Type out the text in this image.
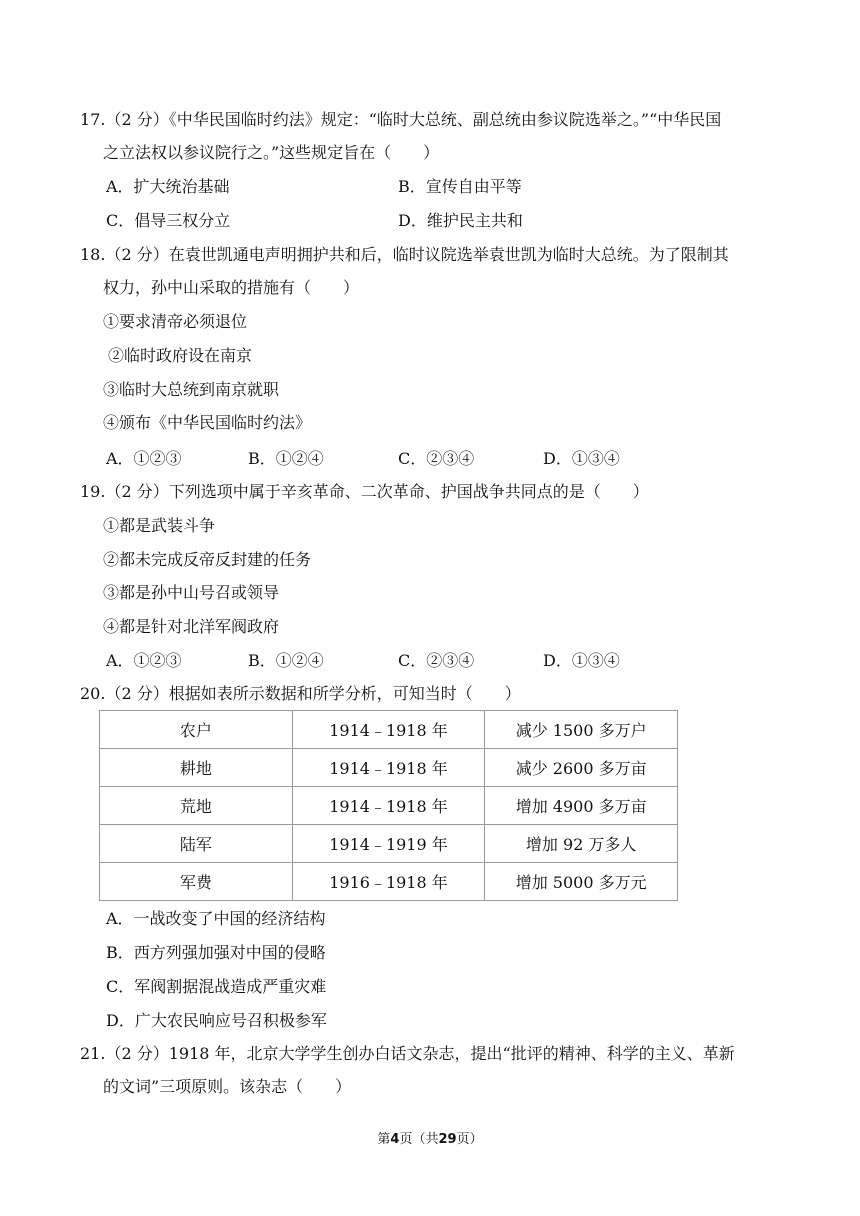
17.（2 分）《中华民国临时约法》规定：“临时大总统、副总统由参议院选举之。”“中华民国
之立法权以参议院行之。”这些规定旨在（　　）
A．扩大统治基础	B．宣传自由平等
C．倡导三权分立	D．维护民主共和
18.（2 分）在袁世凯通电声明拥护共和后，临时议院选举袁世凯为临时大总统。为了限制其
权力，孙中山采取的措施有（　　）
①要求清帝必须退位
②临时政府设在南京
③临时大总统到南京就职
④颁布《中华民国临时约法》
A．①②③	B．①②④	C．②③④	D．①③④
19.（2 分）下列选项中属于辛亥革命、二次革命、护国战争共同点的是（　　）
①都是武装斗争
②都未完成反帝反封建的任务
③都是孙中山号召或领导
④都是针对北洋军阀政府
A．①②③	B．①②④	C．②③④	D．①③④
20.（2 分）根据如表所示数据和所学分析，可知当时（　　）
农户	1914﹣1918 年	减少 1500 多万户
耕地	1914﹣1918 年	减少 2600 多万亩
荒地	1914﹣1918 年	增加 4900 多万亩
陆军	1914﹣1919 年	增加 92 万多人
军费	1916﹣1918 年	增加 5000 多万元
A．一战改变了中国的经济结构
B．西方列强加强对中国的侵略
C．军阀割据混战造成严重灾难
D．广大农民响应号召积极参军
21.（2 分）1918 年，北京大学学生创办白话文杂志，提出“批评的精神、科学的主义、革新
的文词”三项原则。该杂志（　　）
第4页（共29页）
